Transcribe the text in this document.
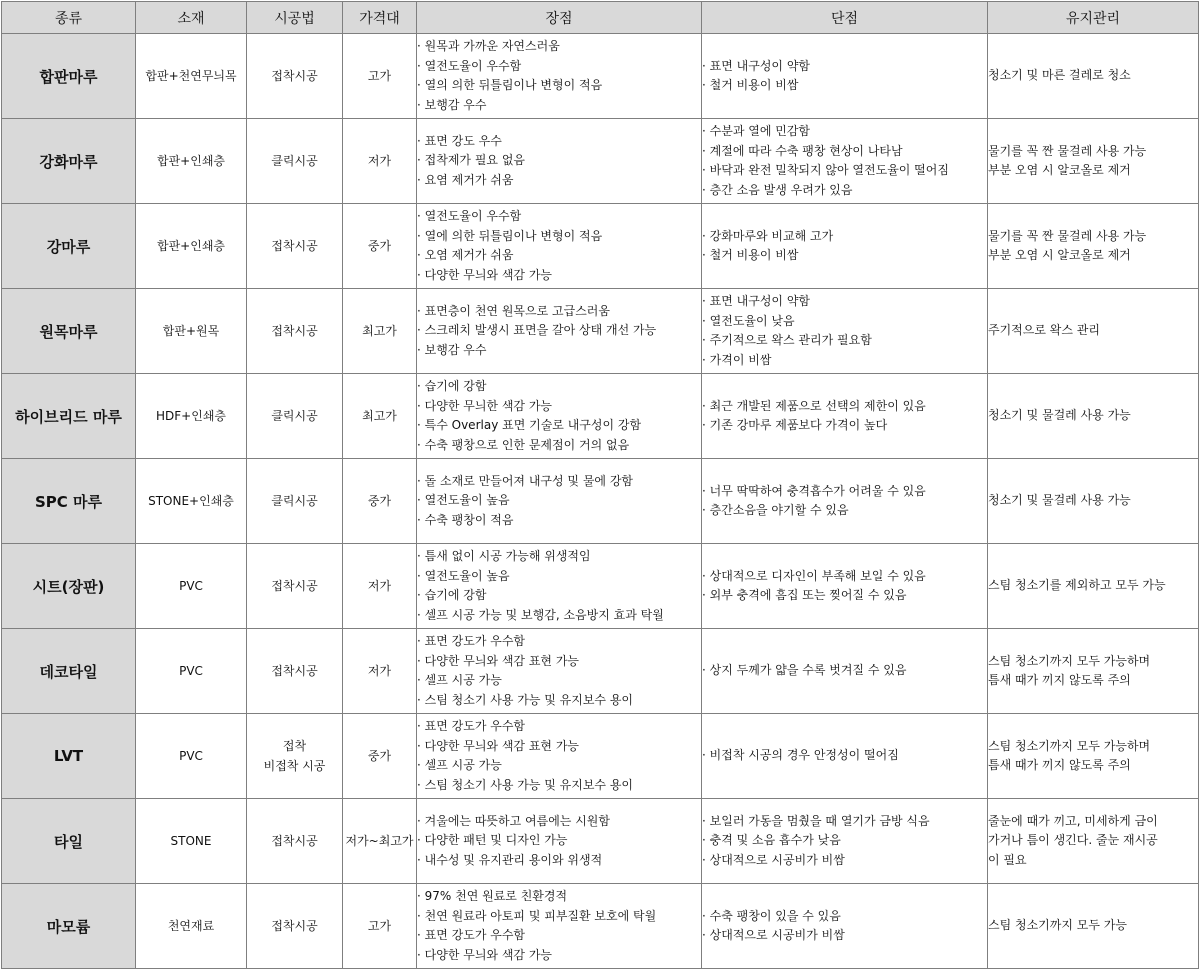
종류	소재	시공법	가격대	장점	단점	유지관리
합판마루	합판+천연무늬목	접착시공	고가	· 원목과 가까운 자연스러움
· 열전도율이 우수함
· 열의 의한 뒤틀림이나 변형이 적음
· 보행감 우수	· 표면 내구성이 약함
· 철거 비용이 비쌈	청소기 및 마른 걸레로 청소

강화마루	합판+인쇄층	클릭시공	저가	· 표면 강도 우수
· 접착제가 필요 없음
· 요염 제거가 쉬움	· 수분과 열에 민감함
· 계절에 따라 수축 팽창 현상이 나타남
· 바닥과 완전 밀착되지 않아 열전도율이 떨어짐
· 층간 소음 발생 우려가 있음	물기를 꼭 짠 물걸레 사용 가능
부분 오염 시 알코올로 제거

강마루	합판+인쇄층	접착시공	중가	· 열전도율이 우수함
· 열에 의한 뒤틀림이나 변형이 적음
· 오염 제거가 쉬움
· 다양한 무늬와 색감 가능	· 강화마루와 비교해 고가
· 철거 비용이 비쌈	물기를 꼭 짠 물걸레 사용 가능
부분 오염 시 알코올로 제거

원목마루	합판+원목	접착시공	최고가	· 표면층이 천연 원목으로 고급스러움
· 스크레치 발생시 표면을 갈아 상태 개선 가능
· 보행감 우수	· 표면 내구성이 약함
· 열전도율이 낮음
· 주기적으로 왁스 관리가 필요함
· 가격이 비쌈	주기적으로 왁스 관리

하이브리드 마루	HDF+인쇄층	클릭시공	최고가	· 습기에 강함
· 다양한 무늬한 색감 가능
· 특수 Overlay 표면 기술로 내구성이 강함
· 수축 팽창으로 인한 문제점이 거의 없음	· 최근 개발된 제품으로 선택의 제한이 있음
· 기존 강마루 제품보다 가격이 높다	청소기 및 물걸레 사용 가능

SPC 마루	STONE+인쇄층	클릭시공	중가	· 돌 소재로 만들어져 내구성 및 물에 강함
· 열전도율이 높음
· 수축 팽창이 적음	· 너무 딱딱하여 충격흡수가 어려울 수 있음
· 층간소음을 야기할 수 있음	청소기 및 물걸레 사용 가능

시트(장판)	PVC	접착시공	저가	· 틈새 없이 시공 가능해 위생적임
· 열전도율이 높음
· 습기에 강함
· 셀프 시공 가능 및 보행감, 소음방지 효과 탁월	· 상대적으로 디자인이 부족해 보일 수 있음
· 외부 충격에 흠집 또는 찢어질 수 있음	스팀 청소기를 제외하고 모두 가능

데코타일	PVC	접착시공	저가	· 표면 강도가 우수함
· 다양한 무늬와 색감 표현 가능
· 셀프 시공 가능
· 스팀 청소기 사용 가능 및 유지보수 용이	· 상지 두께가 얇을 수록 벗겨질 수 있음	스팀 청소기까지 모두 가능하며
틈새 때가 끼지 않도록 주의

LVT	PVC	접착
비접착 시공	중가	· 표면 강도가 우수함
· 다양한 무늬와 색감 표현 가능
· 셀프 시공 가능
· 스팀 청소기 사용 가능 및 유지보수 용이	· 비접착 시공의 경우 안정성이 떨어짐	스팀 청소기까지 모두 가능하며
틈새 때가 끼지 않도록 주의

타일	STONE	접착시공	저가~최고가	· 겨울에는 따뜻하고 여름에는 시원함
· 다양한 패턴 및 디자인 가능
· 내수성 및 유지관리 용이와 위생적	· 보일러 가동을 멈췄을 때 열기가 금방 식음
· 충격 및 소음 흡수가 낮음
· 상대적으로 시공비가 비쌈	줄눈에 때가 끼고, 미세하게 금이
가거나 틈이 생긴다. 줄눈 재시공
이 필요

마모륨	천연재료	접착시공	고가	· 97% 천연 원료로 친환경적
· 천연 원료라 아토피 및 피부질환 보호에 탁월
· 표면 강도가 우수함
· 다양한 무늬와 색감 가능	· 수축 팽창이 있을 수 있음
· 상대적으로 시공비가 비쌈	스팀 청소기까지 모두 가능
